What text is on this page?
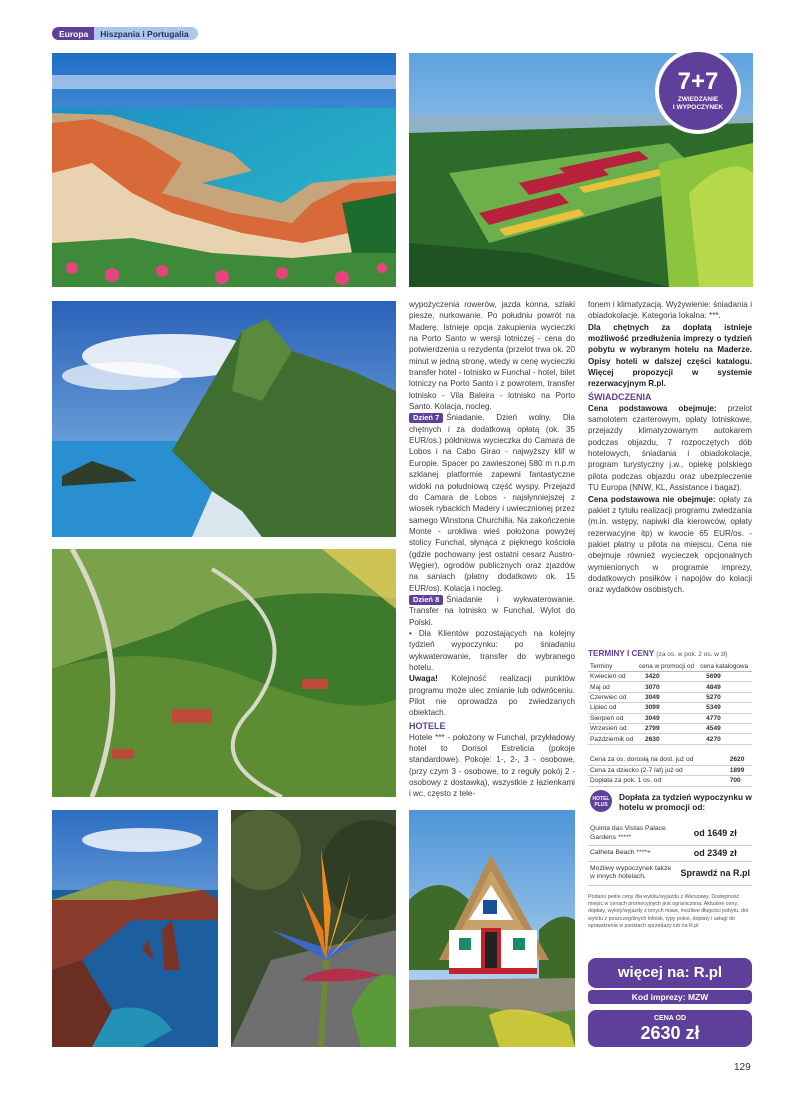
Europa	Hiszpania i Portugalia
7+7
ZWIEDZANIE
I WYPOCZYNEK

wypożyczenia rowerów, jazda konna, szlaki piesze, nurkowanie. Po południu powrót na Maderę. Istnieje opcja zakupienia wycieczki na Porto Santo w wersji lotniczej - cena do potwierdzenia u rezydenta (przelot trwa ok. 20 minut w jedną stronę, wtedy w cenę wycieczki transfer hotel - lotnisko w Funchal - hotel, bilet lotniczy na Porto Santo i z powrotem, transfer lotnisko - Vila Baleira - lotnisko na Porto Santo. Kolacja, nocleg.

Dzień 7 Śniadanie. Dzień wolny. Dla chętnych i za dodatkową opłatą (ok. 35 EUR/os.) półdniowa wycieczka do Camara de Lobos i na Cabo Girao - najwyższy klif w Europie. Spacer po zawieszonej 580 m n.p.m szklanej platformie zapewni fantastyczne widoki na południową część wyspy. Przejazd do Camara de Lobos - najsłynniejszej z wiosek rybackich Madery i uwiecznionej przez samego Winstona Churchilla. Na zakończenie Monte - urokliwa wieś położona powyżej stolicy Funchal, słynąca z pięknego kościoła (gdzie pochowany jest ostatni cesarz Austro-Węgier), ogrodów publicznych oraz zjazdów na saniach (płatny dodatkowo ok. 15 EUR/os). Kolacja i nocleg.

Dzień 8 Śniadanie i wykwaterowanie. Transfer na lotnisko w Funchal. Wylot do Polski.

• Dla Klientów pozostających na kolejny tydzień wypoczynku: po śniadaniu wykwaterowanie, transfer do wybranego hotelu.

Uwaga! Kolejność realizacji punktów programu może ulec zmianie lub odwróceniu. Pilot nie oprowadza po zwiedzanych obiektach.

HOTELE

Hotele *** - położony w Funchal, przykładowy hotel to Dorisol Estrelicia (pokoje standardowe). Pokoje: 1-, 2-, 3 - osobowe, (przy czym 3 - osobowe, to z reguły pokój 2 - osobowy z dostawką), wszystkie z łazienkami i wc, często z tele-

fonem i klimatyzacją. Wyżywienie: śniadania i obiadokolacje. Kategoria lokalna: ***.

Dla chętnych za dopłatą istnieje możliwość przedłużenia imprezy o tydzień pobytu w wybranym hotelu na Maderze. Opisy hoteli w dalszej części katalogu. Więcej propozycji w systemie rezerwacyjnym R.pl.

ŚWIADCZENIA

Cena podstawowa obejmuje: przelot samolotem czarterowym, opłaty lotniskowe, przejazdy klimatyzowanym autokarem podczas objazdu, 7 rozpoczętych dób hotelowych, śniadania i obiadokolacje, program turystyczny j.w., opiekę polskiego pilota podczas objazdu oraz ubezpieczenie TU Europa (NNW, KL, Assistance i bagaż).

Cena podstawowa nie obejmuje: opłaty za pakiet z tytułu realizacji programu zwiedzania (m.in. wstępy, napiwki dla kierowców, opłaty rezerwacyjne itp) w kwocie 65 EUR/os. - pakiet płatny u pilota na miejscu. Cena nie obejmuje również wycieczek opcjonalnych wymienionych w programie imprezy, dodatkowych posiłków i napojów do kolacji oraz wydatków osobistych.

TERMINY I CENY (za os. w pok. 2 os. w zł)
Terminy	cena w promocji od	cena katalogowa
Kwiecień od	3420	5699
Maj od	3070	4849
Czerwiec od	3049	5270
Lipiec od	3099	5349
Sierpień od	3049	4770
Wrzesień od	2799	4549
Październik od	2630	4270
Cena za os. dorosłą na dost. już od	2620
Cena za dziecko (2-7 lat) już od	1899
Dopłata za pok. 1 os. od	700
HOTEL
PLUS
Dopłata za tydzień wypoczynku w hotelu w promocji od:
Quinta das Vistas Palace Gardens *****	od 1649 zł
Calheta Beach ****+	od 2349 zł
Możliwy wypoczynek także w innych hotelach.	Sprawdź na R.pl
Podano pełne ceny dla wylotu/wyjazdu z Warszawy. Dostępność miejsc w cenach promocyjnych jest ograniczona. Aktualne ceny, dopłaty, wyloty/wyjazdy z innych miast, możliwe długości pobytu, dni wylotu z poszczególnych lotnisk, typy pokoi, dopłaty i usługi do sprawdzenia w punktach sprzedaży lub na R.pl
więcej na: R.pl
Kod imprezy: MZW
CENA OD
2630 zł
129
